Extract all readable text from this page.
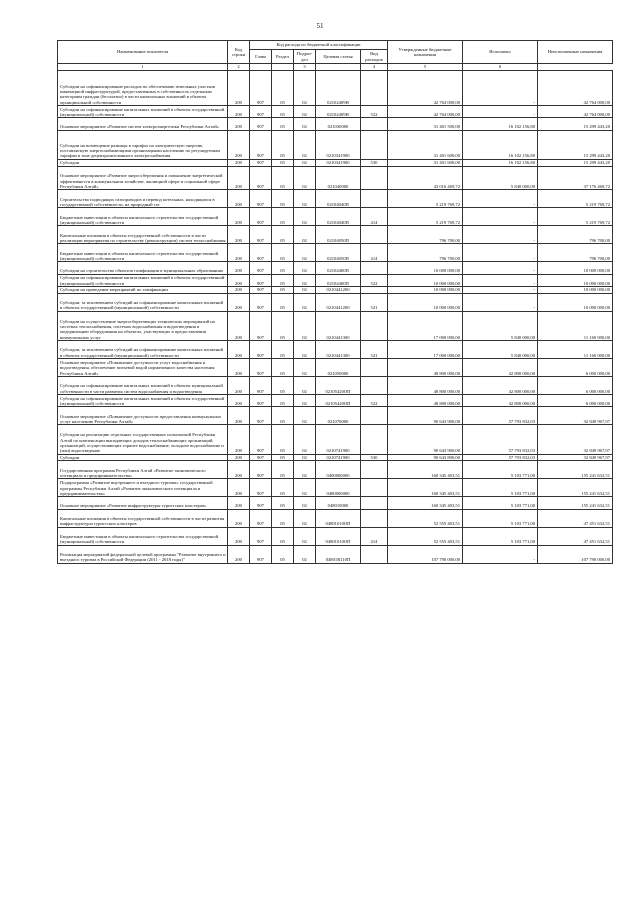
51
Наименование показателя	Код строки	Код расхода по бюджетной классификации					Утвержденные бюджетные назначения	Исполнено	Неисполненные назначения
		Глава	Раздел	Подраз-дел	Целевая статья	Вид расходов			
1	2			3		4	5	6	
Субсидии на софинансирование расходов по обеспечению земельных участков инженерной инфраструктурой, предоставленных в собственность отдельным категориям граждан (бесплатно) в части капитальных вложений в объекты муниципальной собственности	200	907	05	02	02102409Н		42 764 000,00	-	42 764 000,00
Субсидии на софинансирование капитальных вложений в объекты государственной (муниципальной) собственности	200	907	05	02	02102409Н	522	42 764 000,00	-	42 764 000,00
Основное мероприятие «Развитие систем электроэнергетики Республики Алтай»	200	907	05	02	021030000		31 401 500,00	16 102 156,80	15 299 443,20
Субсидии на возмещение разницы в тарифах на электрическую энергию, поставляемую энергоснабжающими организациями населению по регулируемым тарифам в зоне децентрализованного электроснабжения	200	907	05	02	0210341900		31 401 600,00	16 102 156,80	15 299 443,20
Субсидии	200	907	05	02	0210341900	530	31 401 600,00	16 102 156,80	15 299 443,20
Основное мероприятие «Развитие энергосбережения и повышение энергетической эффективности в коммунальном хозяйстве, жилищной сфере и социальной сфере Республики Алтай»	200	907	05	02	021040000		43 016 469,72	5 840 000,00	37 176 469,72
Строительство подводящих газопроводов и перевод котельных, находящихся в государственной собственности, на природный газ	200	907	05	02	02104040П		5 219 769,72	-	5 219 769,72
Бюджетные инвестиции в объекты капитального строительства государственной (муниципальной) собственности	200	907	05	02	02104040П	414	5 219 769,72	-	5 219 769,72
Капитальные вложения в объекты государственной собственности в части реализации мероприятия по строительству (реконструкции) систем теплоснабжения	200	907	05	02	02104050П		796 700,00	-	796 700,00
Бюджетные инвестиции в объекты капитального строительства государственной (муниципальной) собственности	200	907	05	02	02104050П	414	796 700,00	-	796 700,00
Субсидии на строительство объектов газификации в муниципальных образованиях	200	907	05	02	02104400П		10 000 000,00	-	10 000 000,00
Субсидии на софинансирование капитальных вложений в объекты государственной (муниципальной) собственности	200	907	05	02	02104400П	522	10 000 000,00	-	10 000 000,00
Субсидии на проведение мероприятий по газификации	200	907	05	02	0210441200		10 000 000,00	-	10 000 000,00
Субсидии, за исключением субсидий на софинансирование капитальных вложений в объекты государственной (муниципальной) собственности	200	907	05	02	0210441200	521	10 000 000,00	-	10 000 000,00
Субсидии на осуществление энергосберегающих технических мероприятий на системах теплоснабжения, системах водоснабжения и водоотведения и модернизацию оборудования на объектах, участвующих в предоставлении коммунальных услуг	200	907	05	02	0210441300		17 000 000,00	5 840 000,00	11 160 000,00
Субсидии, за исключением субсидий на софинансирование капитальных вложений в объекты государственной (муниципальной) собственности	200	907	05	02	0210441300	521	17 000 000,00	5 840 000,00	11 160 000,00
Основное мероприятие «Повышение доступности услуг водоснабжения и водоотведения, обеспечение питьевой водой нормативного качества населения Республики Алтай»	200	907	05	02	021050000		48 800 000,00	42 800 000,00	6 000 000,00
Субсидии на софинансирование капитальных вложений в объекты муниципальной собственности в части развития систем водоснабжения и водоотведения	200	907	05	02	02105420ОП		48 800 000,00	42 800 000,00	6 000 000,00
Субсидии на софинансирование капитальных вложений в объекты государственной (муниципальной) собственности	200	907	05	02	02105420ОП	522	48 800 000,00	42 800 000,00	6 000 000,00
Основное мероприятие «Повышение доступности предоставления коммунальных услуг населению Республики Алтай»	200	907	05	02	021070000		90 643 900,00	57 793 832,03	32 849 967,97
Субсидии на реализацию отдельных государственных полномочий Республики Алтай по компенсации выпадающих доходов теплоснабжающих организаций, организаций, осуществляющих горячее водоснабжение, холодное водоснабжение и (или) водоотведение	200	907	05	02	0210741900		90 643 900,00	57 793 832,03	32 849 967,97
Субсидии	200	907	05	02	0210741900	530	90 643 800,00	57 793 832,03	32 849 967,97
Государственная программа Республики Алтай «Развитие экономического потенциала и предпринимательства»	200	907	05	02	0400000000		160 345 403,51	5 103 771,00	155 241 632,51
Подпрограмма «Развитие внутреннего и въездного туризма» государственной программы Республики Алтай «Развитие экономического потенциала и предпринимательства»	200	907	05	02	0480000000		160 345 403,51	5 103 771,00	155 241 632,51
Основное мероприятие «Развитие инфраструктуры туристских кластеров»	200	907	05	02	048010000		160 345 403,51	5 103 771,00	155 241 632,51
Капитальные вложения в объекты государственной собственности в части развития инфраструктуры туристских кластеров	200	907	05	02	04801010ОП		52 555 403,51	5 103 771,00	47 451 632,51
Бюджетные инвестиции в объекты капитального строительства государственной (муниципальной) собственности	200	907	05	02	04801010ОП	414	52 555 403,51	5 103 771,00	47 451 632,51
Реализация мероприятий федеральной целевой программы "Развитие внутреннего и въездного туризма в Российской Федерации (2011 - 2018 годы)"	200	907	05	02	04801R110П		107 790 000,00	-	107 790 000,00
